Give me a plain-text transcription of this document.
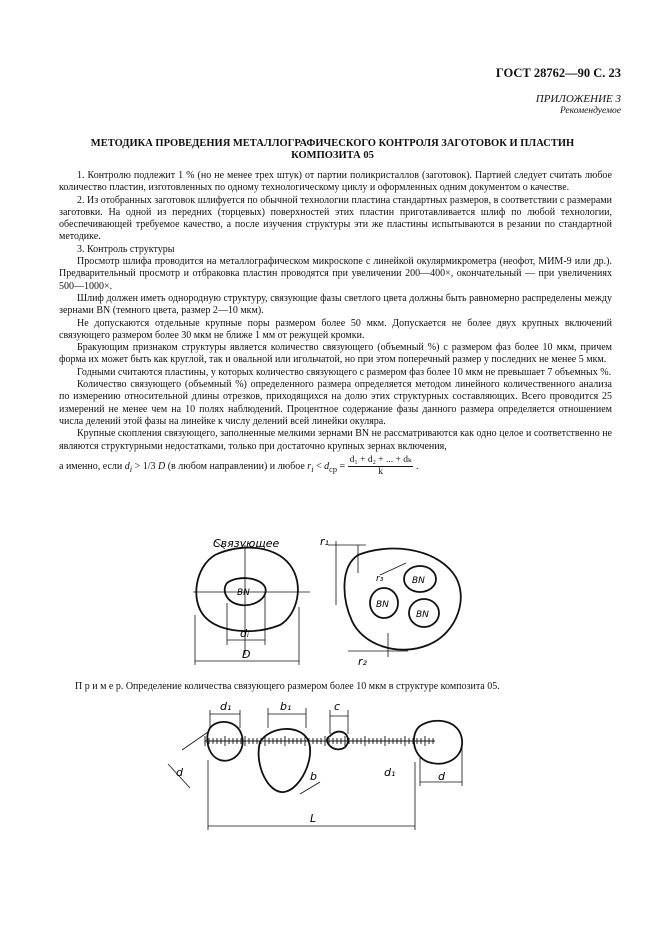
ГОСТ 28762—90 С. 23
ПРИЛОЖЕНИЕ 3
Рекомендуемое
МЕТОДИКА ПРОВЕДЕНИЯ МЕТАЛЛОГРАФИЧЕСКОГО КОНТРОЛЯ ЗАГОТОВОК И ПЛАСТИН КОМПОЗИТА 05

1. Контролю подлежит 1 % (но не менее трех штук) от партии поликристаллов (заготовок). Партией следует считать любое количество пластин, изготовленных по одному технологическому циклу и оформленных одним документом о качестве.

2. Из отобранных заготовок шлифуется по обычной технологии пластина стандартных размеров, в соответствии с размерами заготовки. На одной из передних (торцевых) поверхностей этих пластин приготавливается шлиф по любой технологии, обеспечивающей требуемое качество, а после изучения структуры эти же пластины испытываются в резании по стандартной методике.

3. Контроль структуры

Просмотр шлифа проводится на металлографическом микроскопе с линейкой окулярмикрометра (неофот, МИМ-9 или др.). Предварительный просмотр и отбраковка пластин проводятся при увеличении 200—400×, окончательный — при увеличениях 500—1000×.

Шлиф должен иметь однородную структуру, связующие фазы светлого цвета должны быть равномерно распределены между зернами BN (темного цвета, размер 2—10 мкм).

Не допускаются отдельные крупные поры размером более 50 мкм. Допускается не более двух крупных включений связующего размером более 30 мкм не ближе 1 мм от режущей кромки.

Бракующим признаком структуры является количество связующего (объемный %) с размером фаз более 10 мкм, причем форма их может быть как круглой, так и овальной или игольчатой, но при этом поперечный размер у последних не менее 5 мкм.

Годными считаются пластины, у которых количество связующего с размером фаз более 10 мкм не превышает 7 объемных %.

Количество связующего (объемный %) определенного размера определяется методом линейного количественного анализа по измерению относительной длины отрезков, приходящихся на долю этих структурных составляющих. Всего проводится 25 измерений не менее чем на 10 полях наблюдений. Процентное содержание фазы данного размера определяется отношением числа делений этой фазы на линейке к числу делений всей линейки окуляра.

Крупные скопления связующего, заполненные мелкими зернами BN не рассматриваются как одно целое и соответственно не являются структурными недостатками, только при достаточно крупных зернах включения,

а именно, если $d_i > 1/3$ D (в любом направлении) и любое $r_i < d_{ср} = \frac{\text{d₁ + d₂ + ... + dₖ}}{k}$ .
Связующее
BN
dᵢ
D
r₁
r₃	BN
BN
BN
r₂
П р и м е р. Определение количества связующего размером более 10 мкм в структуре композита 05.
d₁	b₁	c
d	b	d₁	d
L
